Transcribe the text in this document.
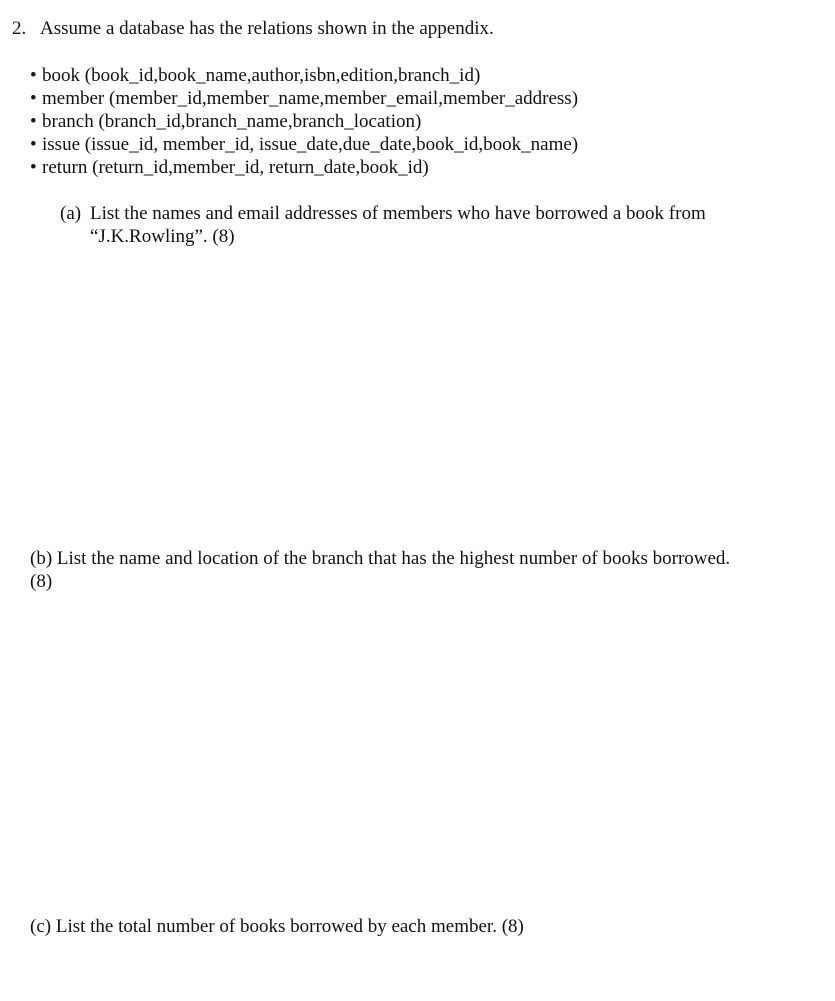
2. Assume a database has the relations shown in the appendix.
• book (book_id,book_name,author,isbn,edition,branch_id)
• member (member_id,member_name,member_email,member_address)
• branch (branch_id,branch_name,branch_location)
• issue (issue_id, member_id, issue_date,due_date,book_id,book_name)
• return (return_id,member_id, return_date,book_id)
(a) List the names and email addresses of members who have borrowed a book from
“J.K.Rowling”. (8)
(b) List the name and location of the branch that has the highest number of books borrowed.
(8)
(c) List the total number of books borrowed by each member. (8)
